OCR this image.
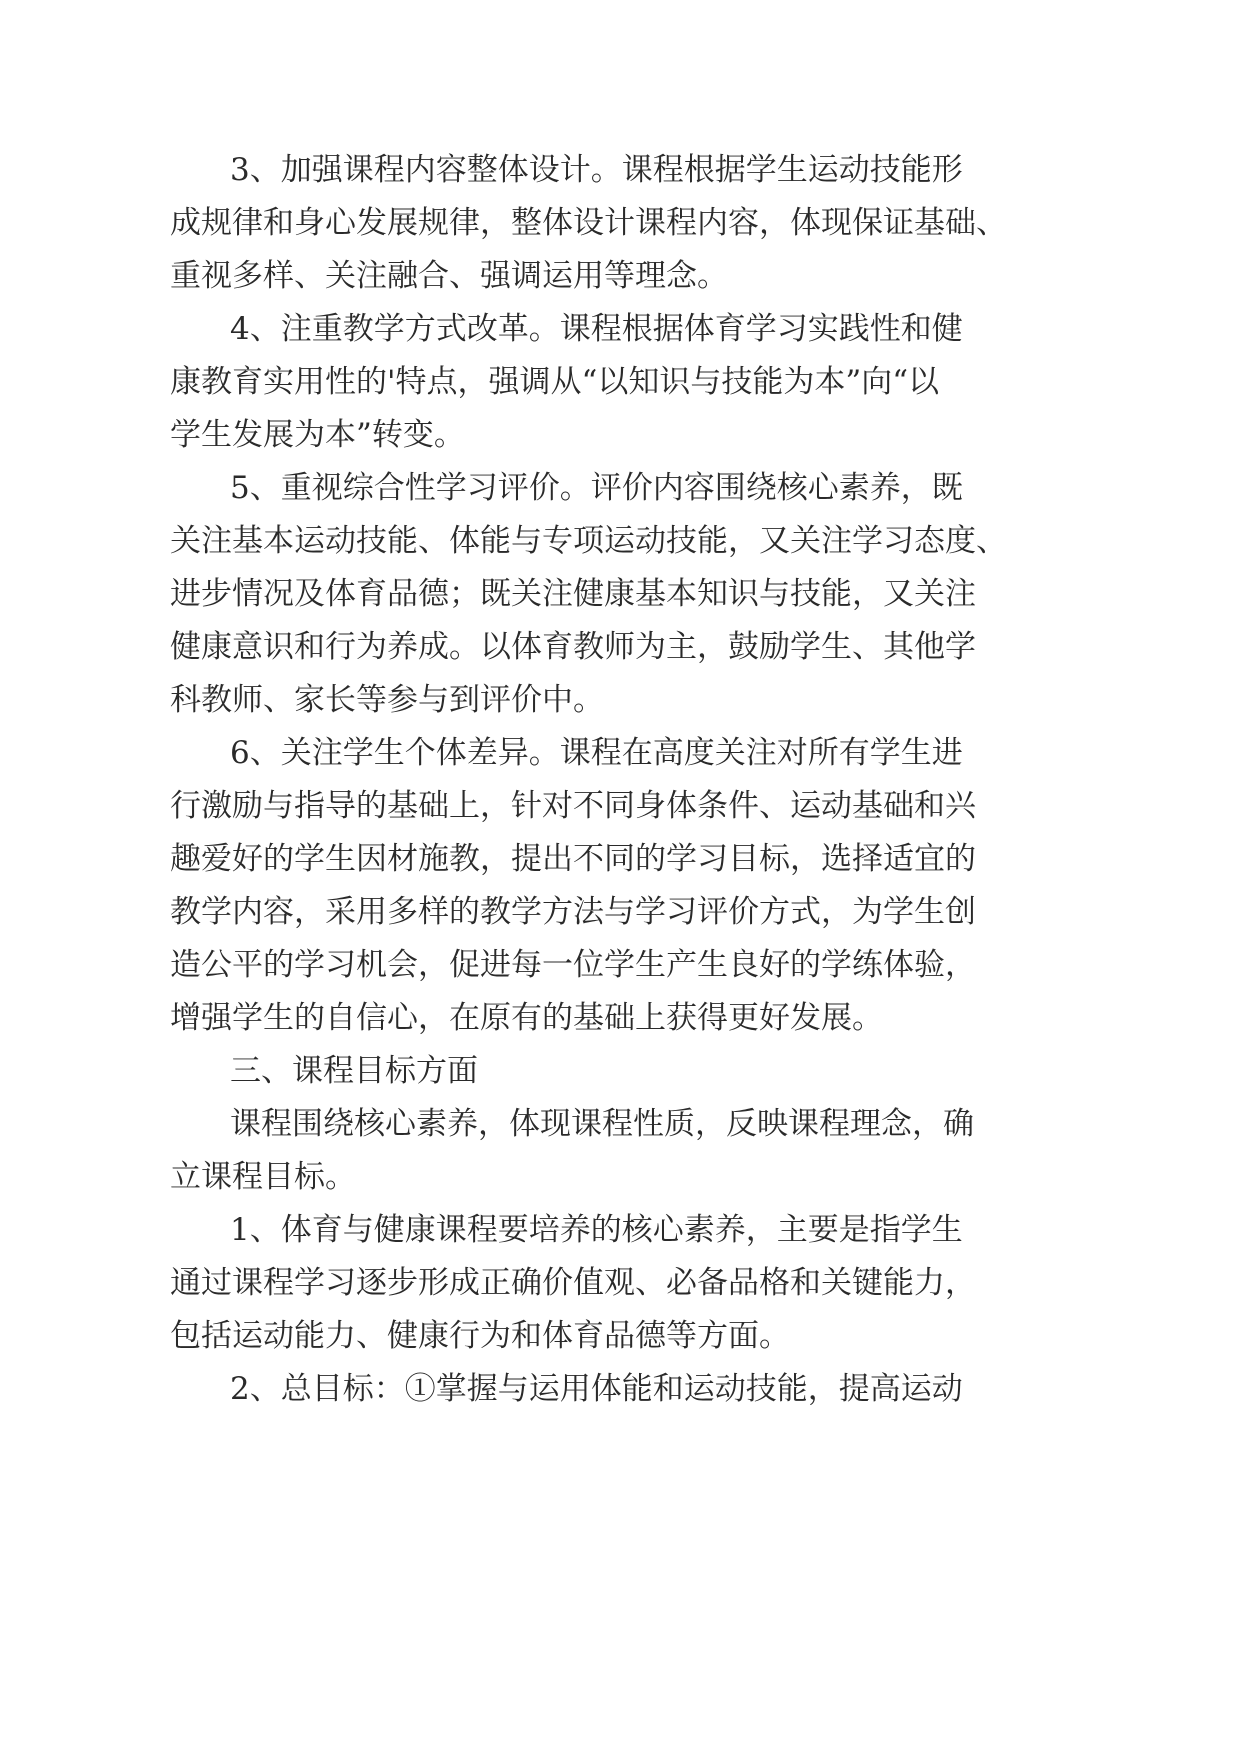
3、加强课程内容整体设计。课程根据学生运动技能形
成规律和身心发展规律，整体设计课程内容，体现保证基础、
重视多样、关注融合、强调运用等理念。
4、注重教学方式改革。课程根据体育学习实践性和健
康教育实用性的'特点，强调从“以知识与技能为本”向“以
学生发展为本”转变。
5、重视综合性学习评价。评价内容围绕核心素养，既
关注基本运动技能、体能与专项运动技能，又关注学习态度、
进步情况及体育品德；既关注健康基本知识与技能，又关注
健康意识和行为养成。以体育教师为主，鼓励学生、其他学
科教师、家长等参与到评价中。
6、关注学生个体差异。课程在高度关注对所有学生进
行激励与指导的基础上，针对不同身体条件、运动基础和兴
趣爱好的学生因材施教，提出不同的学习目标，选择适宜的
教学内容，采用多样的教学方法与学习评价方式，为学生创
造公平的学习机会，促进每一位学生产生良好的学练体验，
增强学生的自信心，在原有的基础上获得更好发展。
三、课程目标方面
课程围绕核心素养，体现课程性质，反映课程理念，确
立课程目标。
1、体育与健康课程要培养的核心素养，主要是指学生
通过课程学习逐步形成正确价值观、必备品格和关键能力，
包括运动能力、健康行为和体育品德等方面。
2、总目标：①掌握与运用体能和运动技能，提高运动
